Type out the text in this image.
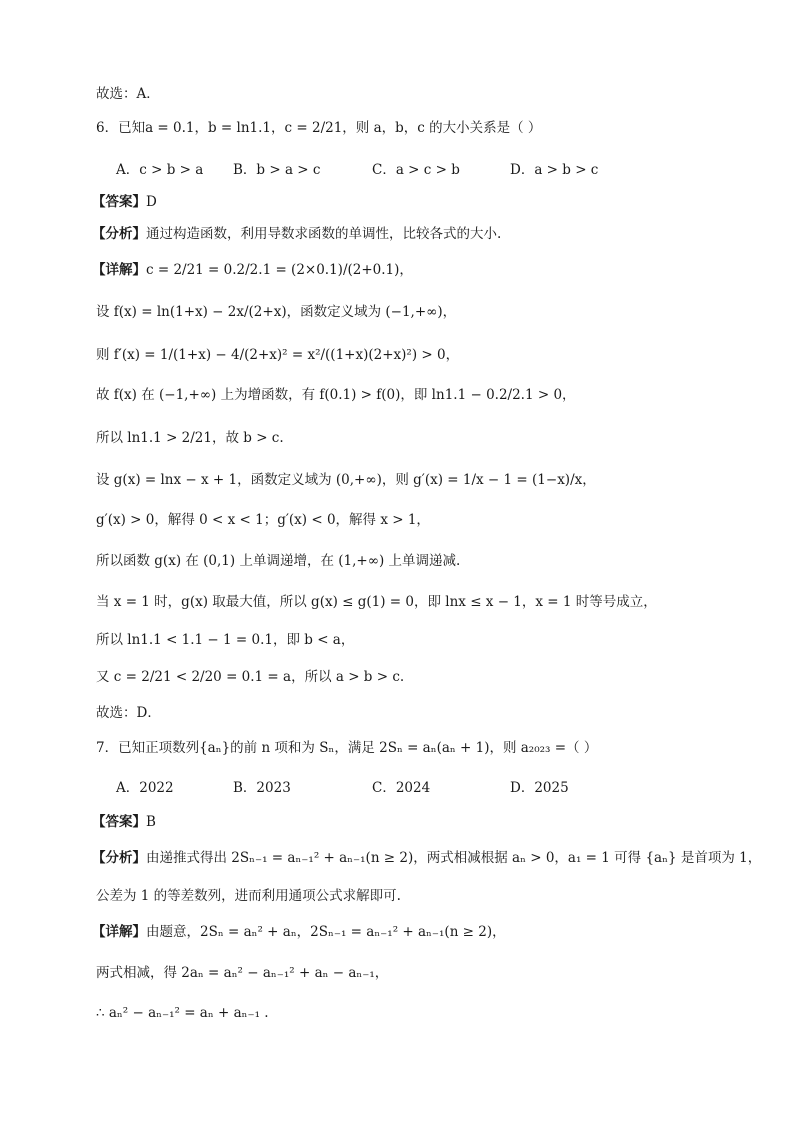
故选：A．
6．已知a = 0.1，b = ln1.1，c = 2/21，则 a，b，c 的大小关系是（ ）
A．c > b > a B．b > a > c	C．a > c > b	D．a > b > c
【答案】D
【分析】通过构造函数，利用导数求函数的单调性，比较各式的大小.
【详解】c = 2/21 = 0.2/2.1 = (2×0.1)/(2+0.1)，
设 f(x) = ln(1+x) − 2x/(2+x)，函数定义域为 (−1,+∞)，
则 f′(x) = 1/(1+x) − 4/(2+x)² = x²/((1+x)(2+x)²) > 0，
故 f(x) 在 (−1,+∞) 上为增函数，有 f(0.1) > f(0)，即 ln1.1 − 0.2/2.1 > 0，
所以 ln1.1 > 2/21，故 b > c.
设 g(x) = lnx − x + 1，函数定义域为 (0,+∞)，则 g′(x) = 1/x − 1 = (1−x)/x，
g′(x) > 0，解得 0 < x < 1；g′(x) < 0，解得 x > 1，
所以函数 g(x) 在 (0,1) 上单调递增，在 (1,+∞) 上单调递减.
当 x = 1 时，g(x) 取最大值，所以 g(x) ≤ g(1) = 0，即 lnx ≤ x − 1，x = 1 时等号成立，
所以 ln1.1 < 1.1 − 1 = 0.1，即 b < a，
又 c = 2/21 < 2/20 = 0.1 = a，所以 a > b > c.
故选：D．
7．已知正项数列{aₙ}的前 n 项和为 Sₙ，满足 2Sₙ = aₙ(aₙ + 1)，则 a₂₀₂₃ =（ ）
A．2022	B．2023	C．2024	D．2025
【答案】B
【分析】由递推式得出 2Sₙ₋₁ = aₙ₋₁² + aₙ₋₁(n ≥ 2)，两式相减根据 aₙ > 0，a₁ = 1 可得 {aₙ} 是首项为 1，
公差为 1 的等差数列，进而利用通项公式求解即可.
【详解】由题意，2Sₙ = aₙ² + aₙ，2Sₙ₋₁ = aₙ₋₁² + aₙ₋₁(n ≥ 2)，
两式相减，得 2aₙ = aₙ² − aₙ₋₁² + aₙ − aₙ₋₁，
∴ aₙ² − aₙ₋₁² = aₙ + aₙ₋₁ .
